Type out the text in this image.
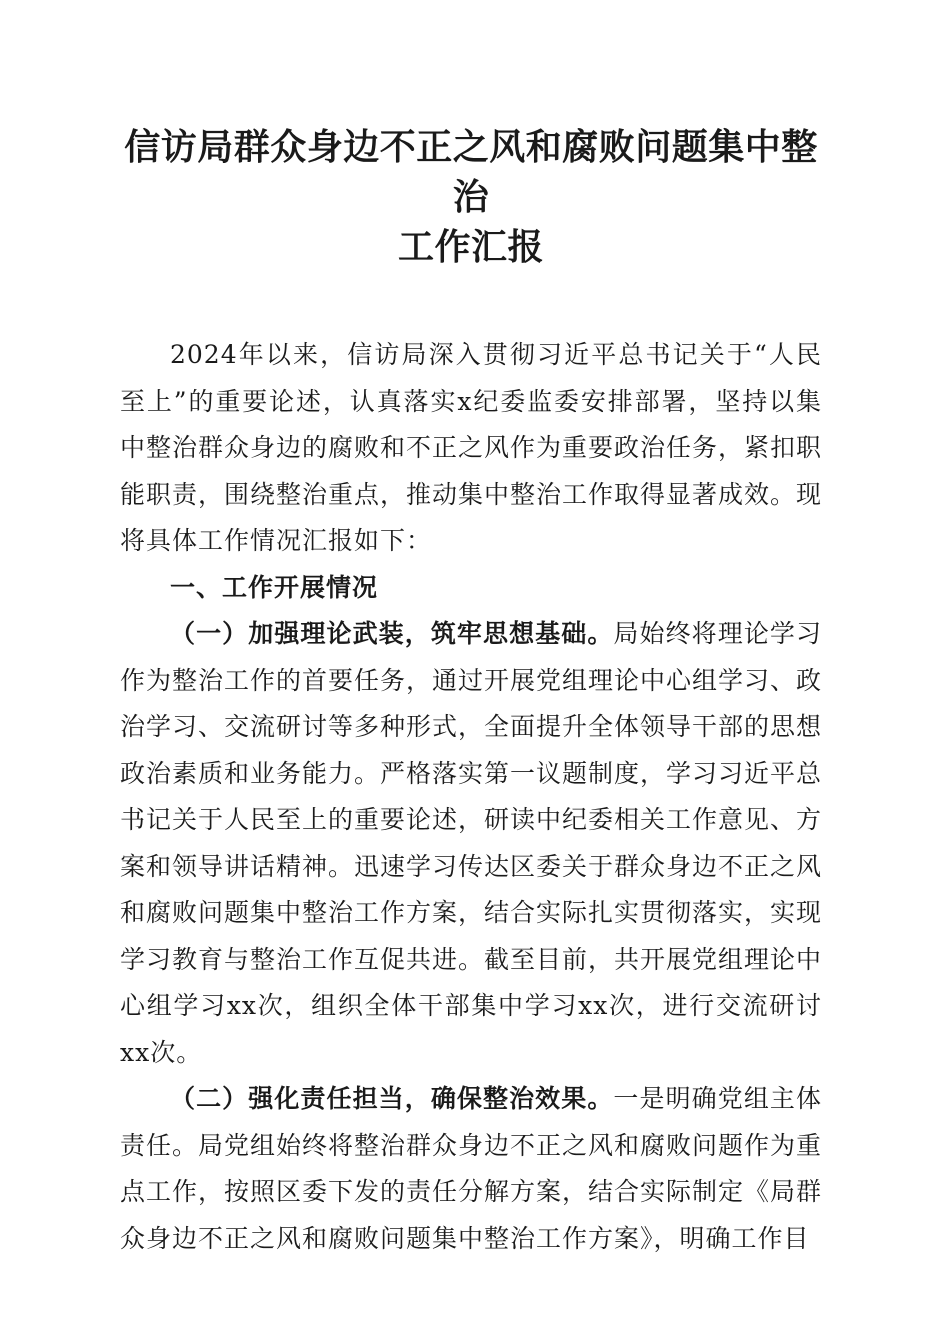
信访局群众身边不正之风和腐败问题集中整治
工作汇报

2024年以来，信访局深入贯彻习近平总书记关于“人民至上”的重要论述，认真落实x纪委监委安排部署，坚持以集中整治群众身边的腐败和不正之风作为重要政治任务，紧扣职能职责，围绕整治重点，推动集中整治工作取得显著成效。现将具体工作情况汇报如下：

一、工作开展情况

（一）加强理论武装，筑牢思想基础。局始终将理论学习作为整治工作的首要任务，通过开展党组理论中心组学习、政治学习、交流研讨等多种形式，全面提升全体领导干部的思想政治素质和业务能力。严格落实第一议题制度，学习习近平总书记关于人民至上的重要论述，研读中纪委相关工作意见、方案和领导讲话精神。迅速学习传达区委关于群众身边不正之风和腐败问题集中整治工作方案，结合实际扎实贯彻落实，实现学习教育与整治工作互促共进。截至目前，共开展党组理论中心组学习xx次，组织全体干部集中学习xx次，进行交流研讨xx次。

（二）强化责任担当，确保整治效果。一是明确党组主体责任。局党组始终将整治群众身边不正之风和腐败问题作为重点工作，按照区委下发的责任分解方案，结合实际制定《局群众身边不正之风和腐败问题集中整治工作方案》，明确工作目
